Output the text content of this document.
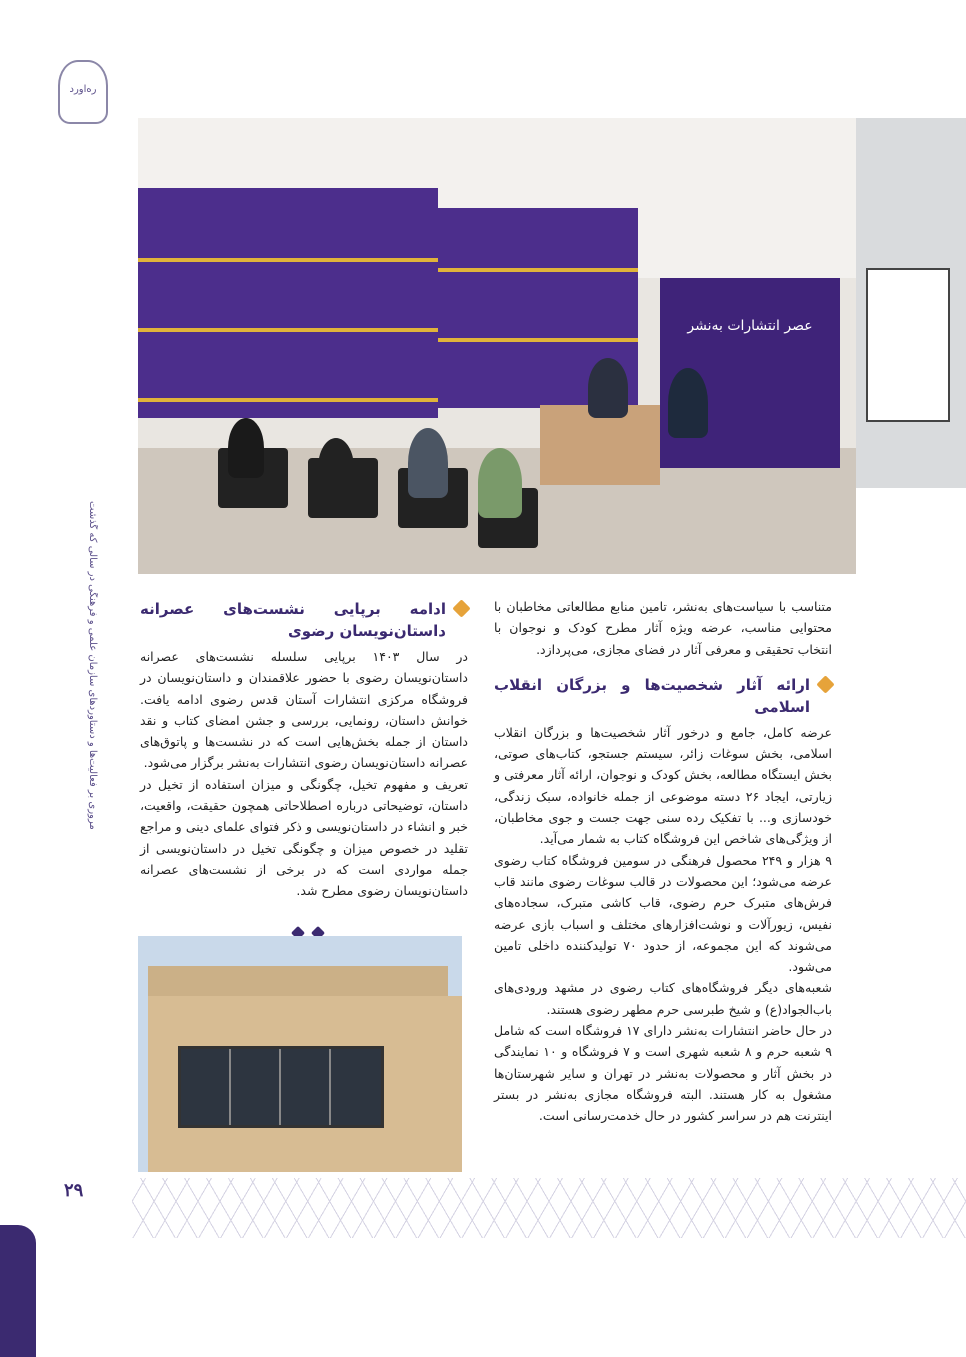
ره‌اورد
مروری بر فعالیت‌ها و دستاوردهای سازمان علمی و فرهنگی در سالی که گذشت
عصر انتشارات به‌نشر

متناسب با سیاست‌های به‌نشر، تامین منابع مطالعاتی مخاطبان با محتوایی مناسب، عرضه ویژه آثار مطرح کودک و نوجوان با انتخاب تحقیقی و معرفی آثار در فضای مجازی، می‌پردازد.

ارائه آثار شخصیت‌ها و بزرگان انقلاب اسلامی

عرضه کامل، جامع و درخور آثار شخصیت‌ها و بزرگان انقلاب اسلامی، بخش سوغات زائر، سیستم جستجو، کتاب‌های صوتی، بخش ایستگاه مطالعه، بخش کودک و نوجوان، ارائه آثار معرفتی و زیارتی، ایجاد ۲۶ دسته موضوعی از جمله خانواده، سبک زندگی، خودسازی و... با تفکیک رده سنی جهت جست و جوی مخاطبان، از ویژگی‌های شاخص این فروشگاه کتاب به شمار می‌آید.

۹ هزار و ۲۴۹ محصول فرهنگی در سومین فروشگاه کتاب رضوی عرضه می‌شود؛ این محصولات در قالب سوغات رضوی مانند قاب فرش‌های متبرک حرم رضوی، قاب کاشی متبرک، سجاده‌های نفیس، زیورآلات و نوشت‌افزارهای مختلف و اسباب بازی عرضه می‌شوند که این مجموعه، از حدود ۷۰ تولیدکننده داخلی تامین می‌شود.

شعبه‌های دیگر فروشگاه‌های کتاب رضوی در مشهد ورودی‌های باب‌الجواد(ع) و شیخ طبرسی حرم مطهر رضوی هستند.

در حال حاضر انتشارات به‌نشر دارای ۱۷ فروشگاه است که شامل ۹ شعبه حرم و ۸ شعبه شهری است و ۷ فروشگاه و ۱۰ نمایندگی در بخش آثار و محصولات به‌نشر در تهران و سایر شهرستان‌ها مشغول به کار هستند. البته فروشگاه مجازی به‌نشر در بستر اینترنت هم در سراسر کشور در حال خدمت‌رسانی است.

ادامه برپایی نشست‌های عصرانه داستان‌نویسان رضوی

در سال ۱۴۰۳ برپایی سلسله نشست‌های عصرانه داستان‌نویسان رضوی با حضور علاقمندان و داستان‌نویسان در فروشگاه مرکزی انتشارات آستان قدس رضوی ادامه یافت. خوانش داستان، رونمایی، بررسی و جشن امضای کتاب و نقد داستان از جمله بخش‌هایی است که در نشست‌ها و پاتوق‌های عصرانه داستان‌نویسان رضوی انتشارات به‌نشر برگزار می‌شود.

تعریف و مفهوم تخیل، چگونگی و میزان استفاده از تخیل در داستان، توضیحاتی درباره اصطلاحاتی همچون حقیقت، واقعیت، خبر و انشاء در داستان‌نویسی و ذکر فتوای علمای دینی و مراجع تقلید در خصوص میزان و چگونگی تخیل در داستان‌نویسی از جمله مواردی است که در برخی از نشست‌های عصرانه داستان‌نویسان رضوی مطرح شد.

۲۹
